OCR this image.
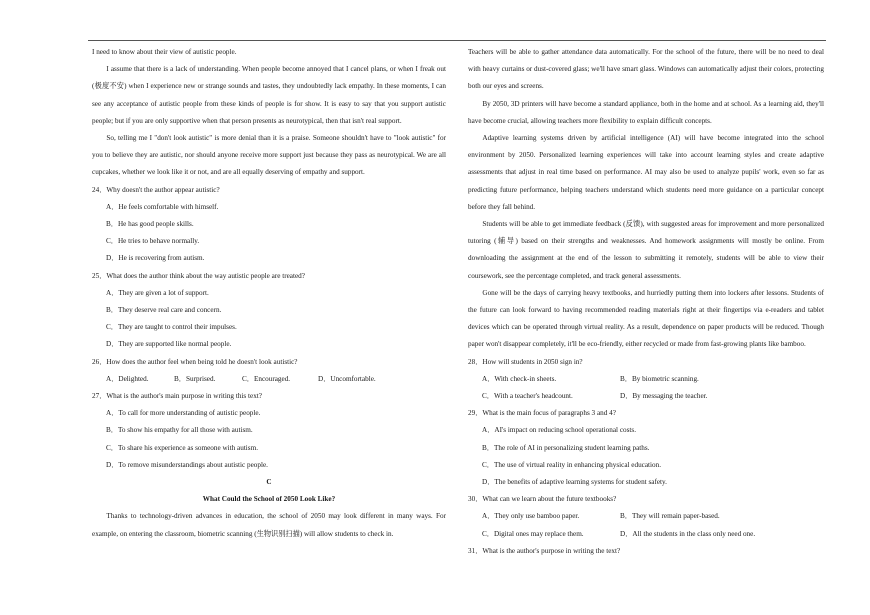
I need to know about their view of autistic people.

I assume that there is a lack of understanding. When people become annoyed that I cancel plans, or when I freak out (极度不安) when I experience new or strange sounds and tastes, they undoubtedly lack empathy. In these moments, I can see any acceptance of autistic people from these kinds of people is for show. It is easy to say that you support autistic people; but if you are only supportive when that person presents as neurotypical, then that isn't real support.

So, telling me I "don't look autistic" is more denial than it is a praise. Someone shouldn't have to "look autistic" for you to believe they are autistic, nor should anyone receive more support just because they pass as neurotypical. We are all cupcakes, whether we look like it or not, and are all equally deserving of empathy and support.

24．Why doesn't the author appear autistic?

A．He feels comfortable with himself.

B．He has good people skills.

C．He tries to behave normally.

D．He is recovering from autism.

25．What does the author think about the way autistic people are treated?

A．They are given a lot of support.

B．They deserve real care and concern.

C．They are taught to control their impulses.

D．They are supported like normal people.

26．How does the author feel when being told he doesn't look autistic?

A．Delighted.	B．Surprised.	C．Encouraged.	D．Uncomfortable.

27．What is the author's main purpose in writing this text?

A．To call for more understanding of autistic people.

B．To show his empathy for all those with autism.

C．To share his experience as someone with autism.

D．To remove misunderstandings about autistic people.

C

What Could the School of 2050 Look Like?

Thanks to technology-driven advances in education, the school of 2050 may look different in many ways. For example, on entering the classroom, biometric scanning (生物识别扫描) will allow students to check in.

Teachers will be able to gather attendance data automatically. For the school of the future, there will be no need to deal with heavy curtains or dust-covered glass; we'll have smart glass. Windows can automatically adjust their colors, protecting both our eyes and screens.

By 2050, 3D printers will have become a standard appliance, both in the home and at school. As a learning aid, they'll have become crucial, allowing teachers more flexibility to explain difficult concepts.

Adaptive learning systems driven by artificial intelligence (AI) will have become integrated into the school environment by 2050. Personalized learning experiences will take into account learning styles and create adaptive assessments that adjust in real time based on performance. AI may also be used to analyze pupils' work, even so far as predicting future performance, helping teachers understand which students need more guidance on a particular concept before they fall behind.

Students will be able to get immediate feedback (反馈), with suggested areas for improvement and more personalized tutoring (辅导) based on their strengths and weaknesses. And homework assignments will mostly be online. From downloading the assignment at the end of the lesson to submitting it remotely, students will be able to view their coursework, see the percentage completed, and track general assessments.

Gone will be the days of carrying heavy textbooks, and hurriedly putting them into lockers after lessons. Students of the future can look forward to having recommended reading materials right at their fingertips via e-readers and tablet devices which can be operated through virtual reality. As a result, dependence on paper products will be reduced. Though paper won't disappear completely, it'll be eco-friendly, either recycled or made from fast-growing plants like bamboo.

28．How will students in 2050 sign in?

A．With check-in sheets.	B．By biometric scanning.
C．With a teacher's headcount.	D．By messaging the teacher.

29．What is the main focus of paragraphs 3 and 4?

A．AI's impact on reducing school operational costs.

B．The role of AI in personalizing student learning paths.

C．The use of virtual reality in enhancing physical education.

D．The benefits of adaptive learning systems for student safety.

30．What can we learn about the future textbooks?

A．They only use bamboo paper.	B．They will remain paper-based.
C．Digital ones may replace them.	D．All the students in the class only need one.

31．What is the author's purpose in writing the text?
